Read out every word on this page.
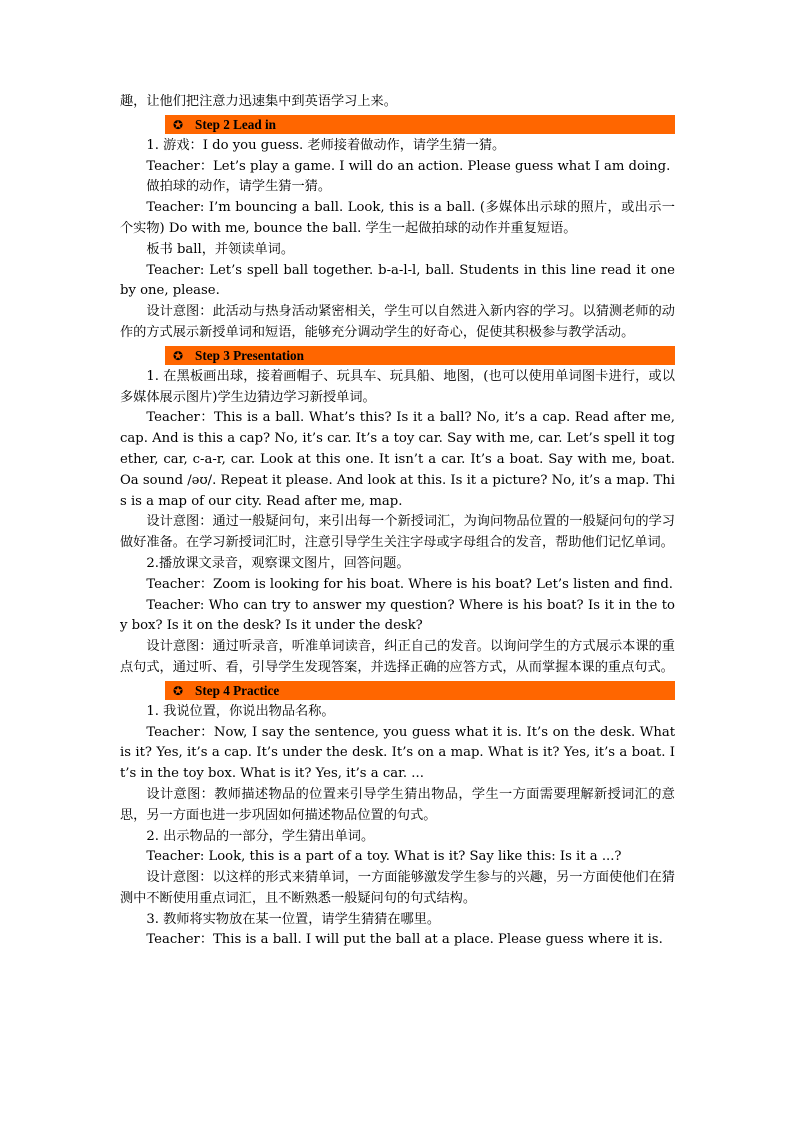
趣，让他们把注意力迅速集中到英语学习上来。

✪ Step 2 Lead in

1. 游戏：I do you guess. 老师接着做动作，请学生猜一猜。

Teacher：Let’s play a game. I will do an action. Please guess what I am doing.

做拍球的动作，请学生猜一猜。

Teacher: I’m bouncing a ball. Look, this is a ball. (多媒体出示球的照片，或出示一个实物) Do with me, bounce the ball. 学生一起做拍球的动作并重复短语。

板书 ball，并领读单词。

Teacher: Let’s spell ball together. b-a-l-l, ball. Students in this line read it one by one, please.

设计意图：此活动与热身活动紧密相关，学生可以自然进入新内容的学习。以猜测老师的动作的方式展示新授单词和短语，能够充分调动学生的好奇心，促使其积极参与教学活动。

✪ Step 3 Presentation

1. 在黑板画出球，接着画帽子、玩具车、玩具船、地图，(也可以使用单词图卡进行，或以多媒体展示图片)学生边猜边学习新授单词。

Teacher：This is a ball. What’s this? Is it a ball? No, it’s a cap. Read after me, cap. And is this a cap? No, it’s car. It’s a toy car. Say with me, car. Let’s spell it together, car, c-a-r, car. Look at this one. It isn’t a car. It’s a boat. Say with me, boat. Oa sound /əʊ/. Repeat it please. And look at this. Is it a picture? No, it’s a map. This is a map of our city. Read after me, map.

设计意图：通过一般疑问句，来引出每一个新授词汇，为询问物品位置的一般疑问句的学习做好准备。在学习新授词汇时，注意引导学生关注字母或字母组合的发音，帮助他们记忆单词。

2.播放课文录音，观察课文图片，回答问题。

Teacher：Zoom is looking for his boat. Where is his boat? Let’s listen and find.

Teacher: Who can try to answer my question? Where is his boat? Is it in the toy box? Is it on the desk? Is it under the desk?

设计意图：通过听录音，听准单词读音，纠正自己的发音。以询问学生的方式展示本课的重点句式，通过听、看，引导学生发现答案，并选择正确的应答方式，从而掌握本课的重点句式。

✪ Step 4 Practice

1. 我说位置，你说出物品名称。

Teacher：Now, I say the sentence, you guess what it is. It’s on the desk. What is it? Yes, it’s a cap. It’s under the desk. It’s on a map. What is it? Yes, it’s a boat. It’s in the toy box. What is it? Yes, it’s a car. ...

设计意图：教师描述物品的位置来引导学生猜出物品，学生一方面需要理解新授词汇的意思，另一方面也进一步巩固如何描述物品位置的句式。

2. 出示物品的一部分，学生猜出单词。

Teacher: Look, this is a part of a toy. What is it? Say like this: Is it a ...?

设计意图：以这样的形式来猜单词，一方面能够激发学生参与的兴趣，另一方面使他们在猜测中不断使用重点词汇，且不断熟悉一般疑问句的句式结构。

3. 教师将实物放在某一位置，请学生猜猜在哪里。

Teacher：This is a ball. I will put the ball at a place. Please guess where it is.
